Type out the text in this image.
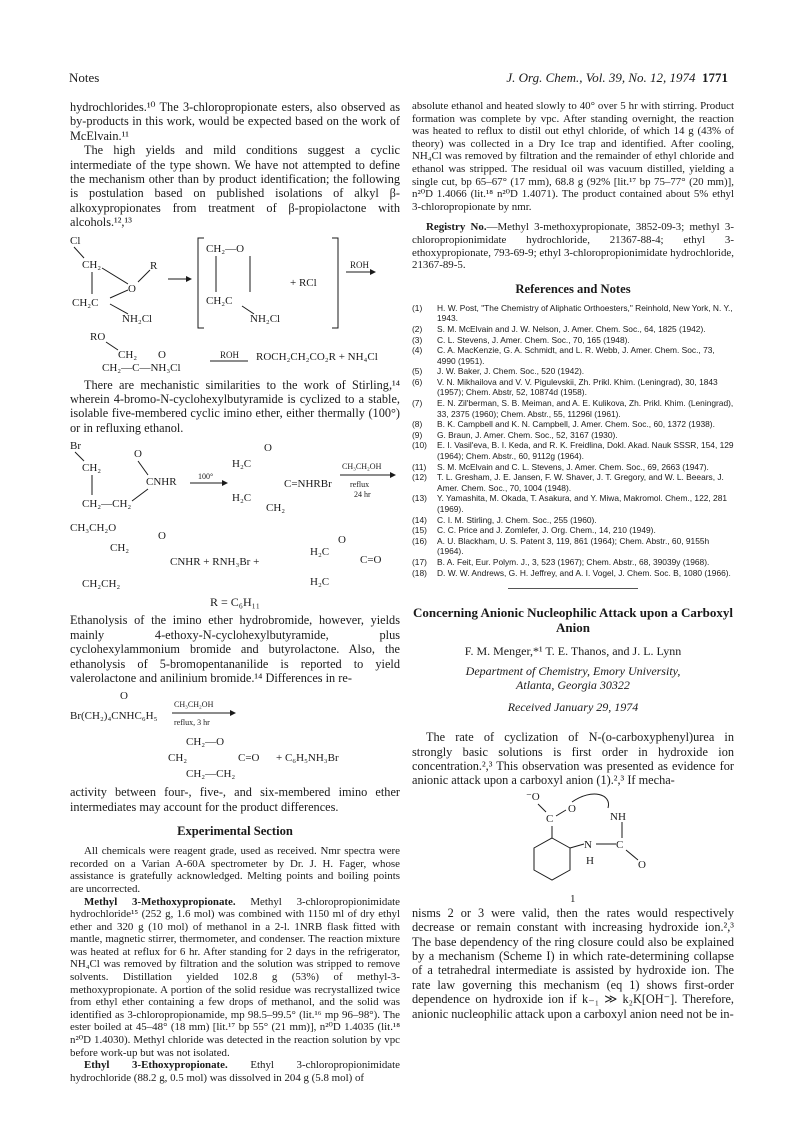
Notes	J. Org. Chem., Vol. 39, No. 12, 1974 1771

hydrochlorides.¹⁰ The 3-chloropropionate esters, also observed as by-products in this work, would be expected based on the work of McElvain.¹¹

The high yields and mild conditions suggest a cyclic intermediate of the type shown. We have not attempted to define the mechanism other than by product identification; the following is postulation based on published isolations of alkyl β-alkoxypropionates from treatment of β-propiolactone with alcohols.¹²,¹³

Cl
CH₂
O
R
CH₂C
NH₂Cl
CH₂—O
CH₂C
NH₂Cl
+ RCl
ROH
RO
CH₂ O	ROH ROCH₂CH₂CO₂R + NH₄Cl
CH₂—C—NH₃Cl

There are mechanistic similarities to the work of Stirling,¹⁴ wherein 4-bromo-N-cyclohexylbutyramide is cyclized to a stable, isolable five-membered cyclic imino ether, either thermally (100°) or in refluxing ethanol.

Br
CH₂
O
CNHR
CH₂—CH₂
100°
H₂C
O
H₂C
C=NHRBr
CH₂
CH₃CH₂OH
reflux
24 hr
CH₃CH₂O
CH₂
O
CNHR + RNH₃Br +
CH₂CH₂
O
H₂C
C=O
H₂C
R = C₆H₁₁

Ethanolysis of the imino ether hydrobromide, however, yields mainly 4-ethoxy-N-cyclohexylbutyramide, plus cyclohexylammonium bromide and butyrolactone. Also, the ethanolysis of 5-bromopentananilide is reported to yield valerolactone and anilinium bromide.¹⁴ Differences in re-

O
Br(CH₂)₄CNHC₆H₅
CH₃CH₂OH
reflux, 3 hr
CH₂—O
CH₂	C=O
CH₂—CH₂
+ C₆H₅NH₃Br

activity between four-, five-, and six-membered imino ether intermediates may account for the product differences.

Experimental Section

All chemicals were reagent grade, used as received. Nmr spectra were recorded on a Varian A-60A spectrometer by Dr. J. H. Fager, whose assistance is gratefully acknowledged. Melting points and boiling points are uncorrected.

Methyl 3-Methoxypropionate. Methyl 3-chloropropionimidate hydrochloride¹⁵ (252 g, 1.6 mol) was combined with 1150 ml of dry ethyl ether and 320 g (10 mol) of methanol in a 2-l. 1NRB flask fitted with mantle, magnetic stirrer, thermometer, and condenser. The reaction mixture was heated at reflux for 6 hr. After standing for 2 days in the refrigerator, NH₄Cl was removed by filtration and the solution was stripped to remove solvents. Distillation yielded 102.8 g (53%) of methyl-3-methoxypropionate. A portion of the solid residue was recrystallized twice from ethyl ether containing a few drops of methanol, and the solid was identified as 3-chloropropionamide, mp 98.5–99.5° (lit.¹⁶ mp 96–98°). The ester boiled at 45–48° (18 mm) [lit.¹⁷ bp 55° (21 mm)], n²⁰D 1.4035 (lit.¹⁸ n²⁰D 1.4030). Methyl chloride was detected in the reaction solution by vpc before work-up but was not isolated.

Ethyl 3-Ethoxypropionate. Ethyl 3-chloropropionimidate hydrochloride (88.2 g, 0.5 mol) was dissolved in 204 g (5.8 mol) of

absolute ethanol and heated slowly to 40° over 5 hr with stirring. Product formation was complete by vpc. After standing overnight, the reaction was heated to reflux to distil out ethyl chloride, of which 14 g (43% of theory) was collected in a Dry Ice trap and identified. After cooling, NH₄Cl was removed by filtration and the remainder of ethyl chloride and ethanol was stripped. The residual oil was vacuum distilled, yielding a single cut, bp 65–67° (17 mm), 68.8 g (92% [lit.¹⁷ bp 75–77° (20 mm)], n²⁰D 1.4066 (lit.¹⁸ n²⁰D 1.4071). The product contained about 5% ethyl 3-chloropropionate by nmr.

Registry No.—Methyl 3-methoxypropionate, 3852-09-3; methyl 3-chloropropionimidate hydrochloride, 21367-88-4; ethyl 3-ethoxypropionate, 793-69-9; ethyl 3-chloropropionimidate hydrochloride, 21367-89-5.

References and Notes
(1) H. W. Post, "The Chemistry of Aliphatic Orthoesters," Reinhold, New York, N. Y., 1943.
(2) S. M. McElvain and J. W. Nelson, J. Amer. Chem. Soc., 64, 1825 (1942).
(3) C. L. Stevens, J. Amer. Chem. Soc., 70, 165 (1948).
(4) C. A. MacKenzie, G. A. Schmidt, and L. R. Webb, J. Amer. Chem. Soc., 73, 4990 (1951).
(5) J. W. Baker, J. Chem. Soc., 520 (1942).
(6) V. N. Mikhailova and V. V. Pigulevskii, Zh. Prikl. Khim. (Leningrad), 30, 1843 (1957); Chem. Abstr, 52, 10874d (1958).
(7) E. N. Zil'berman, S. B. Meiman, and A. E. Kulikova, Zh. Prikl. Khim. (Leningrad), 33, 2375 (1960); Chem. Abstr., 55, 11296l (1961).
(8) B. K. Campbell and K. N. Campbell, J. Amer. Chem. Soc., 60, 1372 (1938).
(9) G. Braun, J. Amer. Chem. Soc., 52, 3167 (1930).
(10) E. I. Vasil'eva, B. I. Keda, and R. K. Freidlina, Dokl. Akad. Nauk SSSR, 154, 129 (1964); Chem. Abstr., 60, 9112g (1964).
(11) S. M. McElvain and C. L. Stevens, J. Amer. Chem. Soc., 69, 2663 (1947).
(12) T. L. Gresham, J. E. Jansen, F. W. Shaver, J. T. Gregory, and W. L. Beears, J. Amer. Chem. Soc., 70, 1004 (1948).
(13) Y. Yamashita, M. Okada, T. Asakura, and Y. Miwa, Makromol. Chem., 122, 281 (1969).
(14) C. I. M. Stirling, J. Chem. Soc., 255 (1960).
(15) C. C. Price and J. Zomlefer, J. Org. Chem., 14, 210 (1949).
(16) A. U. Blackham, U. S. Patent 3, 119, 861 (1964); Chem. Abstr., 60, 9155h (1964).
(17) B. A. Feit, Eur. Polym. J., 3, 523 (1967); Chem. Abstr., 68, 39039y (1968).
(18) D. W. W. Andrews, G. H. Jeffrey, and A. I. Vogel, J. Chem. Soc. B, 1080 (1966).
Concerning Anionic Nucleophilic Attack upon a Carboxyl Anion
F. M. Menger,*¹ T. E. Thanos, and J. L. Lynn
Department of Chemistry, Emory University,
Atlanta, Georgia 30322
Received January 29, 1974

The rate of cyclization of N-(o-carboxyphenyl)urea in strongly basic solutions is first order in hydroxide ion concentration.²,³ This observation was presented as evidence for anionic attack upon a carboxyl anion (1).²,³ If mecha-

⁻O
C
O
NH
N
H
C
O
1

nisms 2 or 3 were valid, then the rates would respectively decrease or remain constant with increasing hydroxide ion.²,³ The base dependency of the ring closure could also be explained by a mechanism (Scheme I) in which rate-determining collapse of a tetrahedral intermediate is assisted by hydroxide ion. The rate law governing this mechanism (eq 1) shows first-order dependence on hydroxide ion if k₋₁ ≫ k₂K[OH⁻]. Therefore, anionic nucleophilic attack upon a carboxyl anion need not be in-
